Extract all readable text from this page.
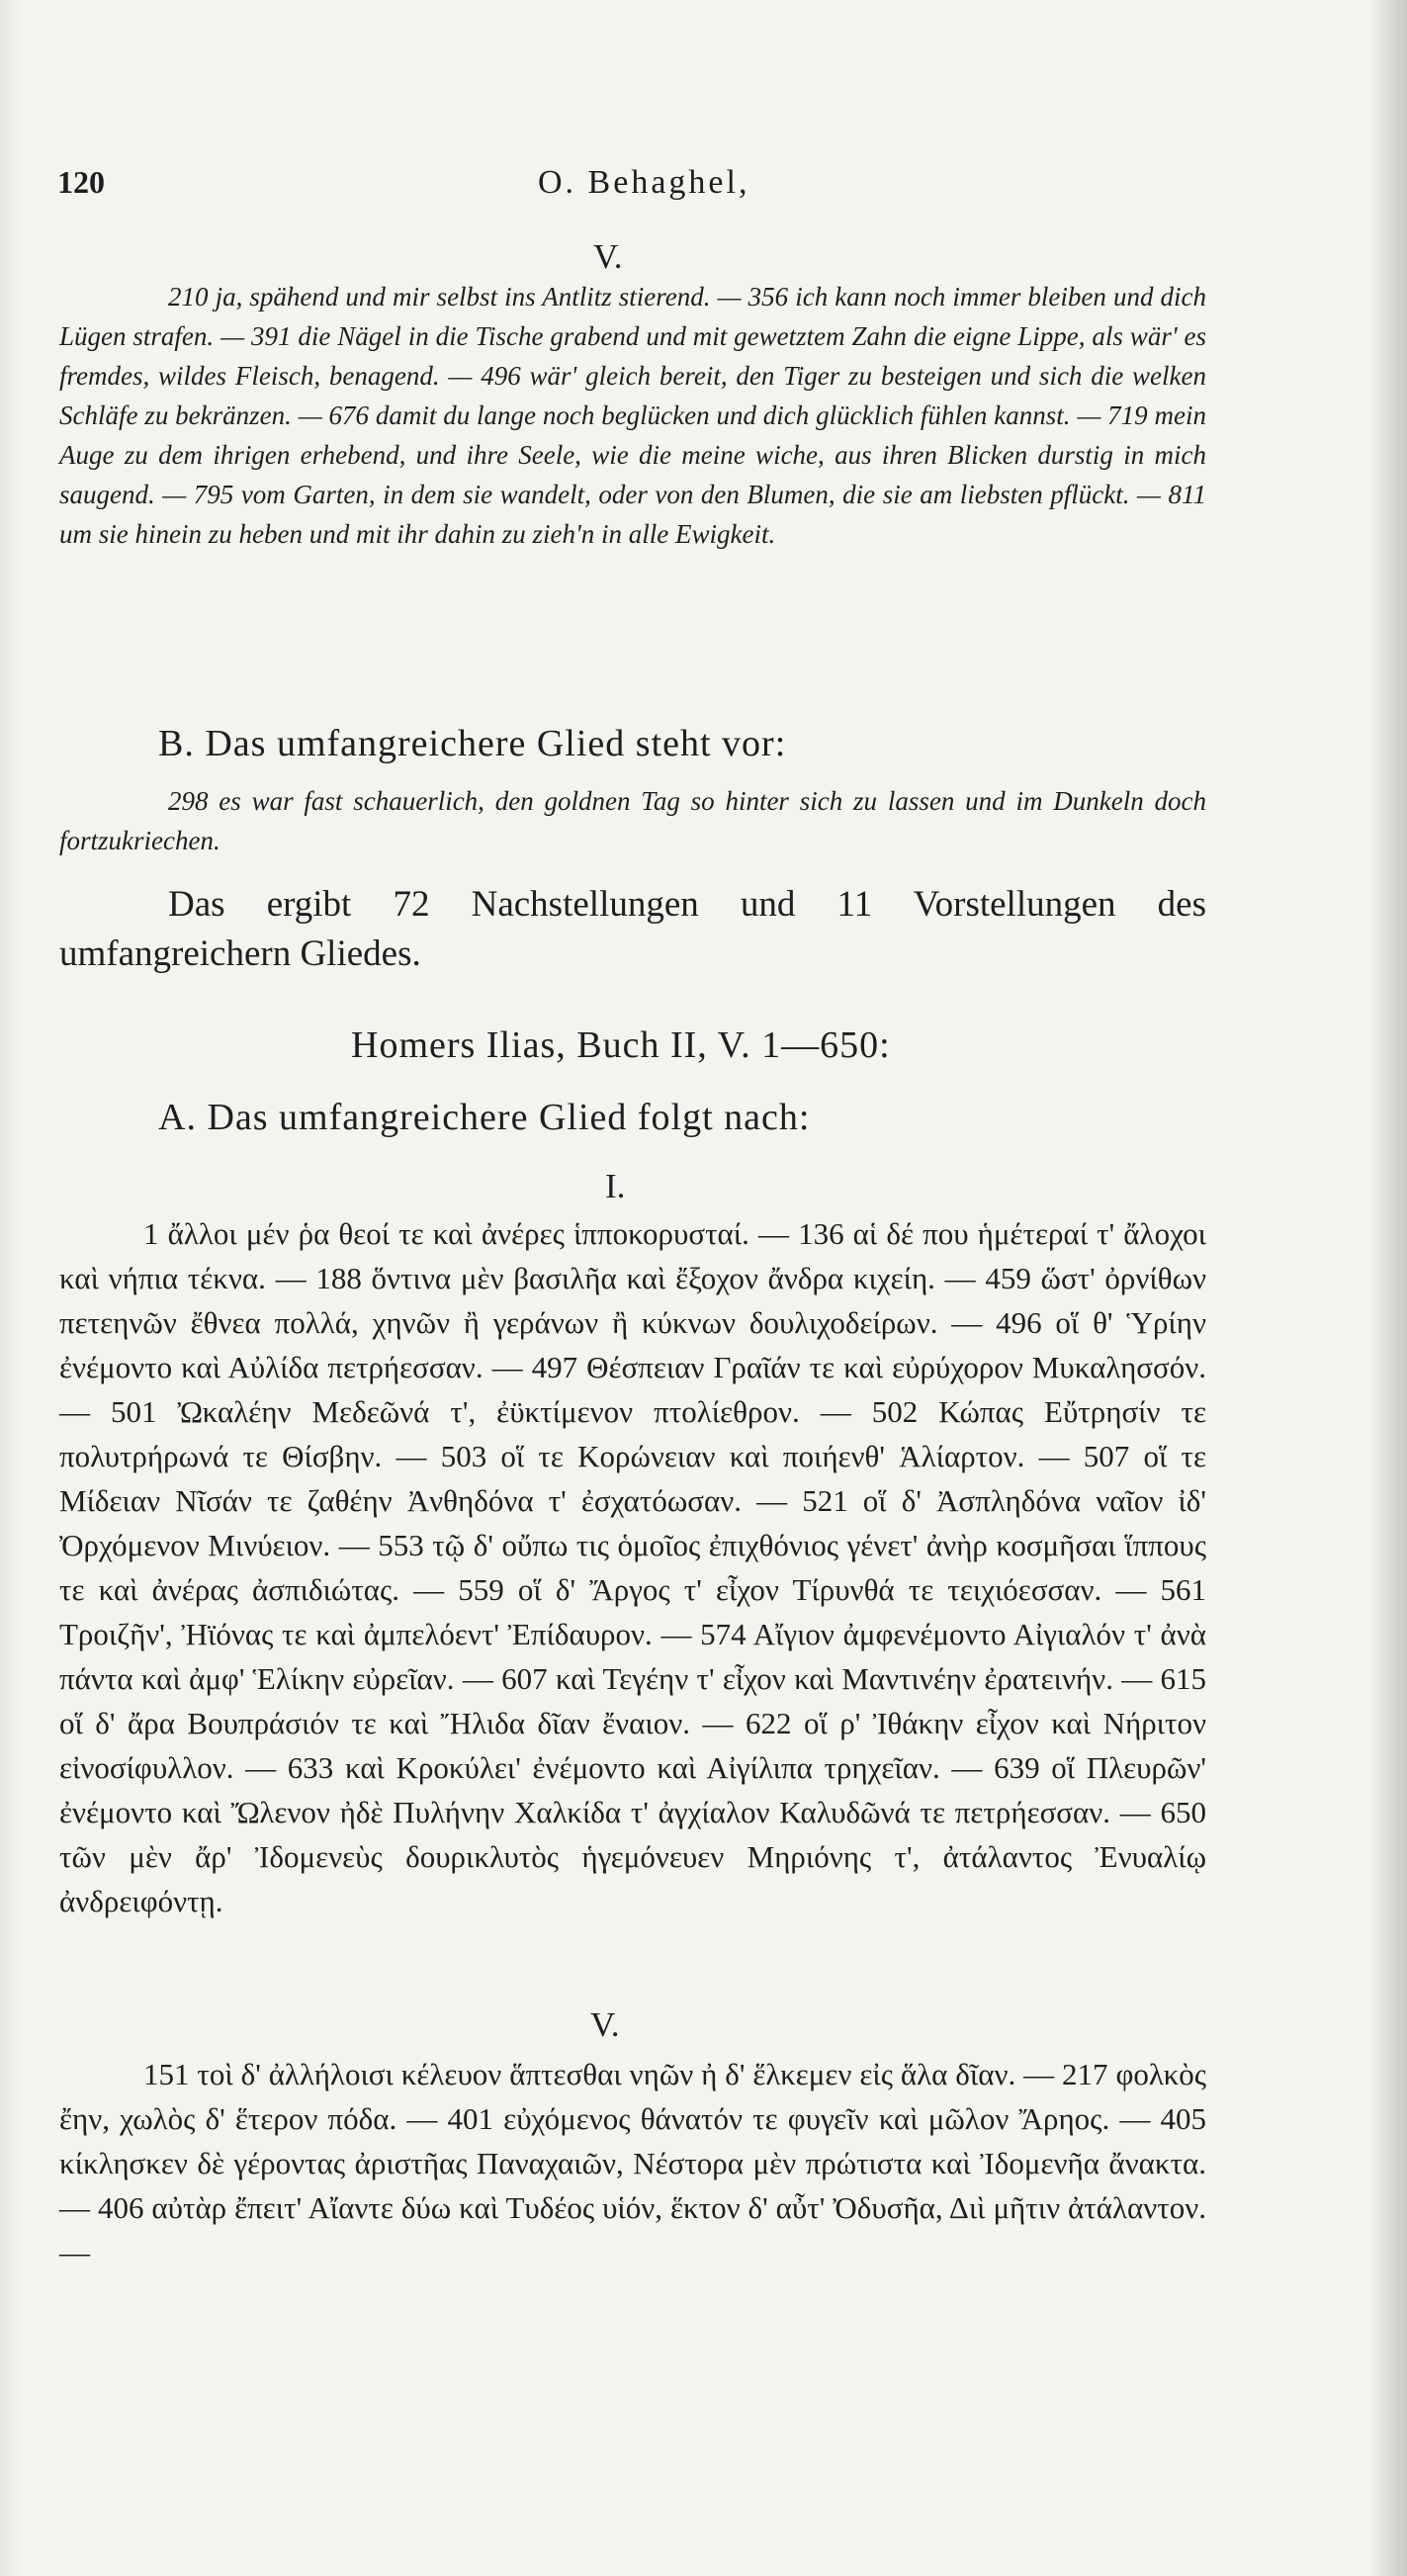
120	O. Behaghel,
V.

210 ja, spähend und mir selbst ins Antlitz stierend. — 356 ich kann noch immer bleiben und dich Lügen strafen. — 391 die Nägel in die Tische grabend und mit gewetztem Zahn die eigne Lippe, als wär' es fremdes, wildes Fleisch, benagend. — 496 wär' gleich bereit, den Tiger zu besteigen und sich die welken Schläfe zu bekränzen. — 676 damit du lange noch beglücken und dich glücklich fühlen kannst. — 719 mein Auge zu dem ihrigen erhebend, und ihre Seele, wie die meine wiche, aus ihren Blicken durstig in mich saugend. — 795 vom Garten, in dem sie wandelt, oder von den Blumen, die sie am liebsten pflückt. — 811 um sie hinein zu heben und mit ihr dahin zu zieh'n in alle Ewigkeit.

B. Das umfangreichere Glied steht vor:

298 es war fast schauerlich, den goldnen Tag so hinter sich zu lassen und im Dunkeln doch fortzukriechen.

Das ergibt 72 Nachstellungen und 11 Vorstellungen des umfangreichern Gliedes.

Homers Ilias, Buch II, V. 1—650:
A. Das umfangreichere Glied folgt nach:
I.

1 ἄλλοι μέν ῥα θεοί τε καὶ ἀνέρες ἱπποκορυσταί. — 136 αἱ δέ που ἡμέτεραί τ' ἄλοχοι καὶ νήπια τέκνα. — 188 ὅντινα μὲν βασιλῆα καὶ ἔξοχον ἄνδρα κιχείη. — 459 ὥστ' ὀρνίθων πετεηνῶν ἔθνεα πολλά, χηνῶν ἢ γεράνων ἢ κύκνων δουλιχοδείρων. — 496 οἵ θ' Ὑρίην ἐνέμοντο καὶ Αὐλίδα πετρήεσσαν. — 497 Θέσπειαν Γραῖάν τε καὶ εὐρύχορον Μυκαλησσόν. — 501 Ὠκαλέην Μεδεῶνά τ', ἐϋκτίμενον πτολίεθρον. — 502 Κώπας Εὔτρησίν τε πολυτρήρωνά τε Θίσβην. — 503 οἵ τε Κορώνειαν καὶ ποιήενθ' Ἁλίαρτον. — 507 οἵ τε Μίδειαν Νῖσάν τε ζαθέην Ἀνθηδόνα τ' ἐσχατόωσαν. — 521 οἵ δ' Ἀσπληδόνα ναῖον ἰδ' Ὀρχόμενον Μινύειον. — 553 τῷ δ' οὔπω τις ὁμοῖος ἐπιχθόνιος γένετ' ἀνὴρ κοσμῆσαι ἵππους τε καὶ ἀνέρας ἀσπιδιώτας. — 559 οἵ δ' Ἄργος τ' εἶχον Τίρυνθά τε τειχιόεσσαν. — 561 Τροιζῆν', Ἠϊόνας τε καὶ ἀμπελόεντ' Ἐπίδαυρον. — 574 Αἴγιον ἀμφενέμοντο Αἰγιαλόν τ' ἀνὰ πάντα καὶ ἀμφ' Ἑλίκην εὐρεῖαν. — 607 καὶ Τεγέην τ' εἶχον καὶ Μαντινέην ἐρατεινήν. — 615 οἵ δ' ἄρα Βουπράσιόν τε καὶ Ἤλιδα δῖαν ἔναιον. — 622 οἵ ρ' Ἰθάκην εἶχον καὶ Νήριτον εἰνοσίφυλλον. — 633 καὶ Κροκύλει' ἐνέμοντο καὶ Αἰγίλιπα τρηχεῖαν. — 639 οἵ Πλευρῶν' ἐνέμοντο καὶ Ὤλενον ἠδὲ Πυλήνην Χαλκίδα τ' ἀγχίαλον Καλυδῶνά τε πετρήεσσαν. — 650 τῶν μὲν ἄρ' Ἰδομενεὺς δουρικλυτὸς ἡγεμόνευεν Μηριόνης τ', ἀτάλαντος Ἐνυαλίῳ ἀνδρειφόντῃ.

V.

151 τοὶ δ' ἀλλήλοισι κέλευον ἅπτεσθαι νηῶν ἠ δ' ἕλκεμεν εἰς ἅλα δῖαν. — 217 φολκὸς ἔην, χωλὸς δ' ἕτερον πόδα. — 401 εὐχόμενος θάνατόν τε φυγεῖν καὶ μῶλον Ἄρηος. — 405 κίκλησκεν δὲ γέροντας ἀριστῆας Παναχαιῶν, Νέστορα μὲν πρώτιστα καὶ Ἰδομενῆα ἄνακτα. — 406 αὐτὰρ ἔπειτ' Αἴαντε δύω καὶ Τυδέος υἱόν, ἕκτον δ' αὖτ' Ὀδυσῆα, Διὶ μῆτιν ἀτάλαντον. —
